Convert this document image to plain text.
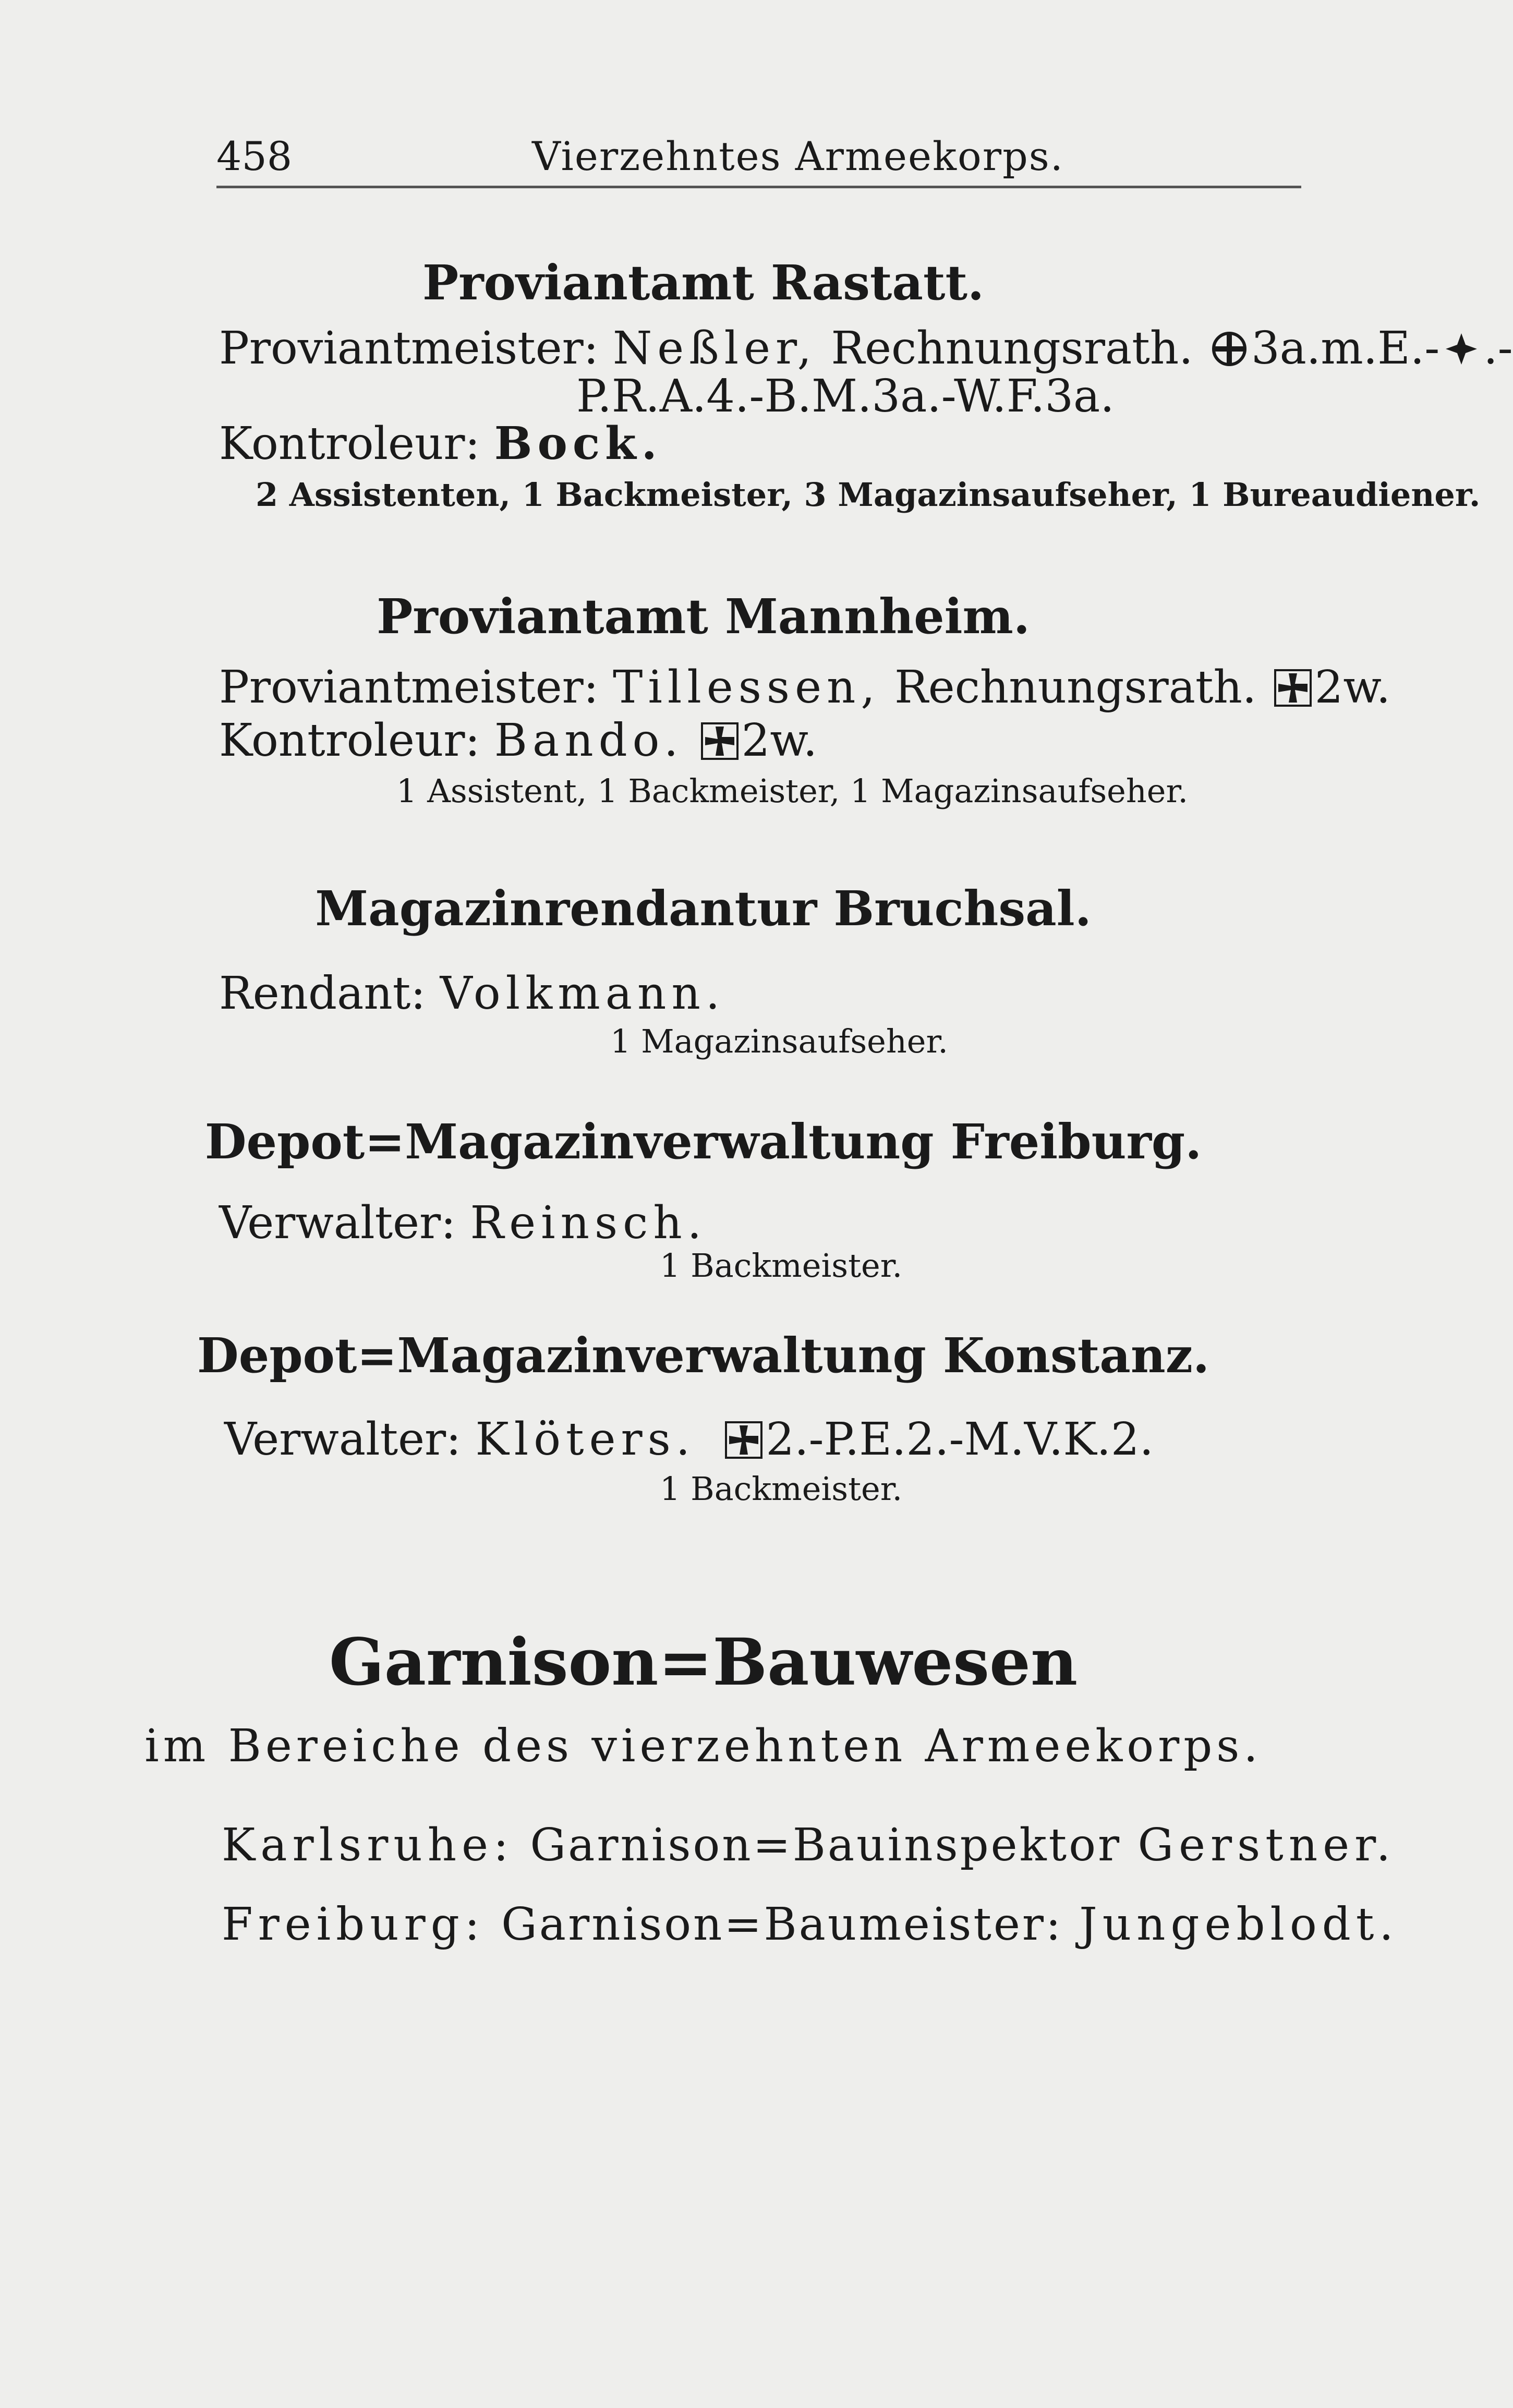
458	Vierzehntes Armeekorps.
Proviantamt Rastatt.
Proviantmeister: Neßler, Rechnungsrath. 3a.m.E.- .-
P.R.A.4.-B.M.3a.-W.F.3a.
Kontroleur: Bock.
2 Assistenten, 1 Backmeister, 3 Magazinsaufseher, 1 Bureaudiener.
Proviantamt Mannheim.
Proviantmeister: Tillessen, Rechnungsrath. 2w.
Kontroleur: Bando. 2w.
1 Assistent, 1 Backmeister, 1 Magazinsaufseher.
Magazinrendantur Bruchsal.
Rendant: Volkmann.
1 Magazinsaufseher.
Depot=Magazinverwaltung Freiburg.
Verwalter: Reinsch.
1 Backmeister.
Depot=Magazinverwaltung Konstanz.
Verwalter: Klöters. 2.-P.E.2.-M.V.K.2.
1 Backmeister.
Garnison=Bauwesen
im Bereiche des vierzehnten Armeekorps.
Karlsruhe: Garnison=Bauinspektor Gerstner.
Freiburg: Garnison=Baumeister: Jungeblodt.
